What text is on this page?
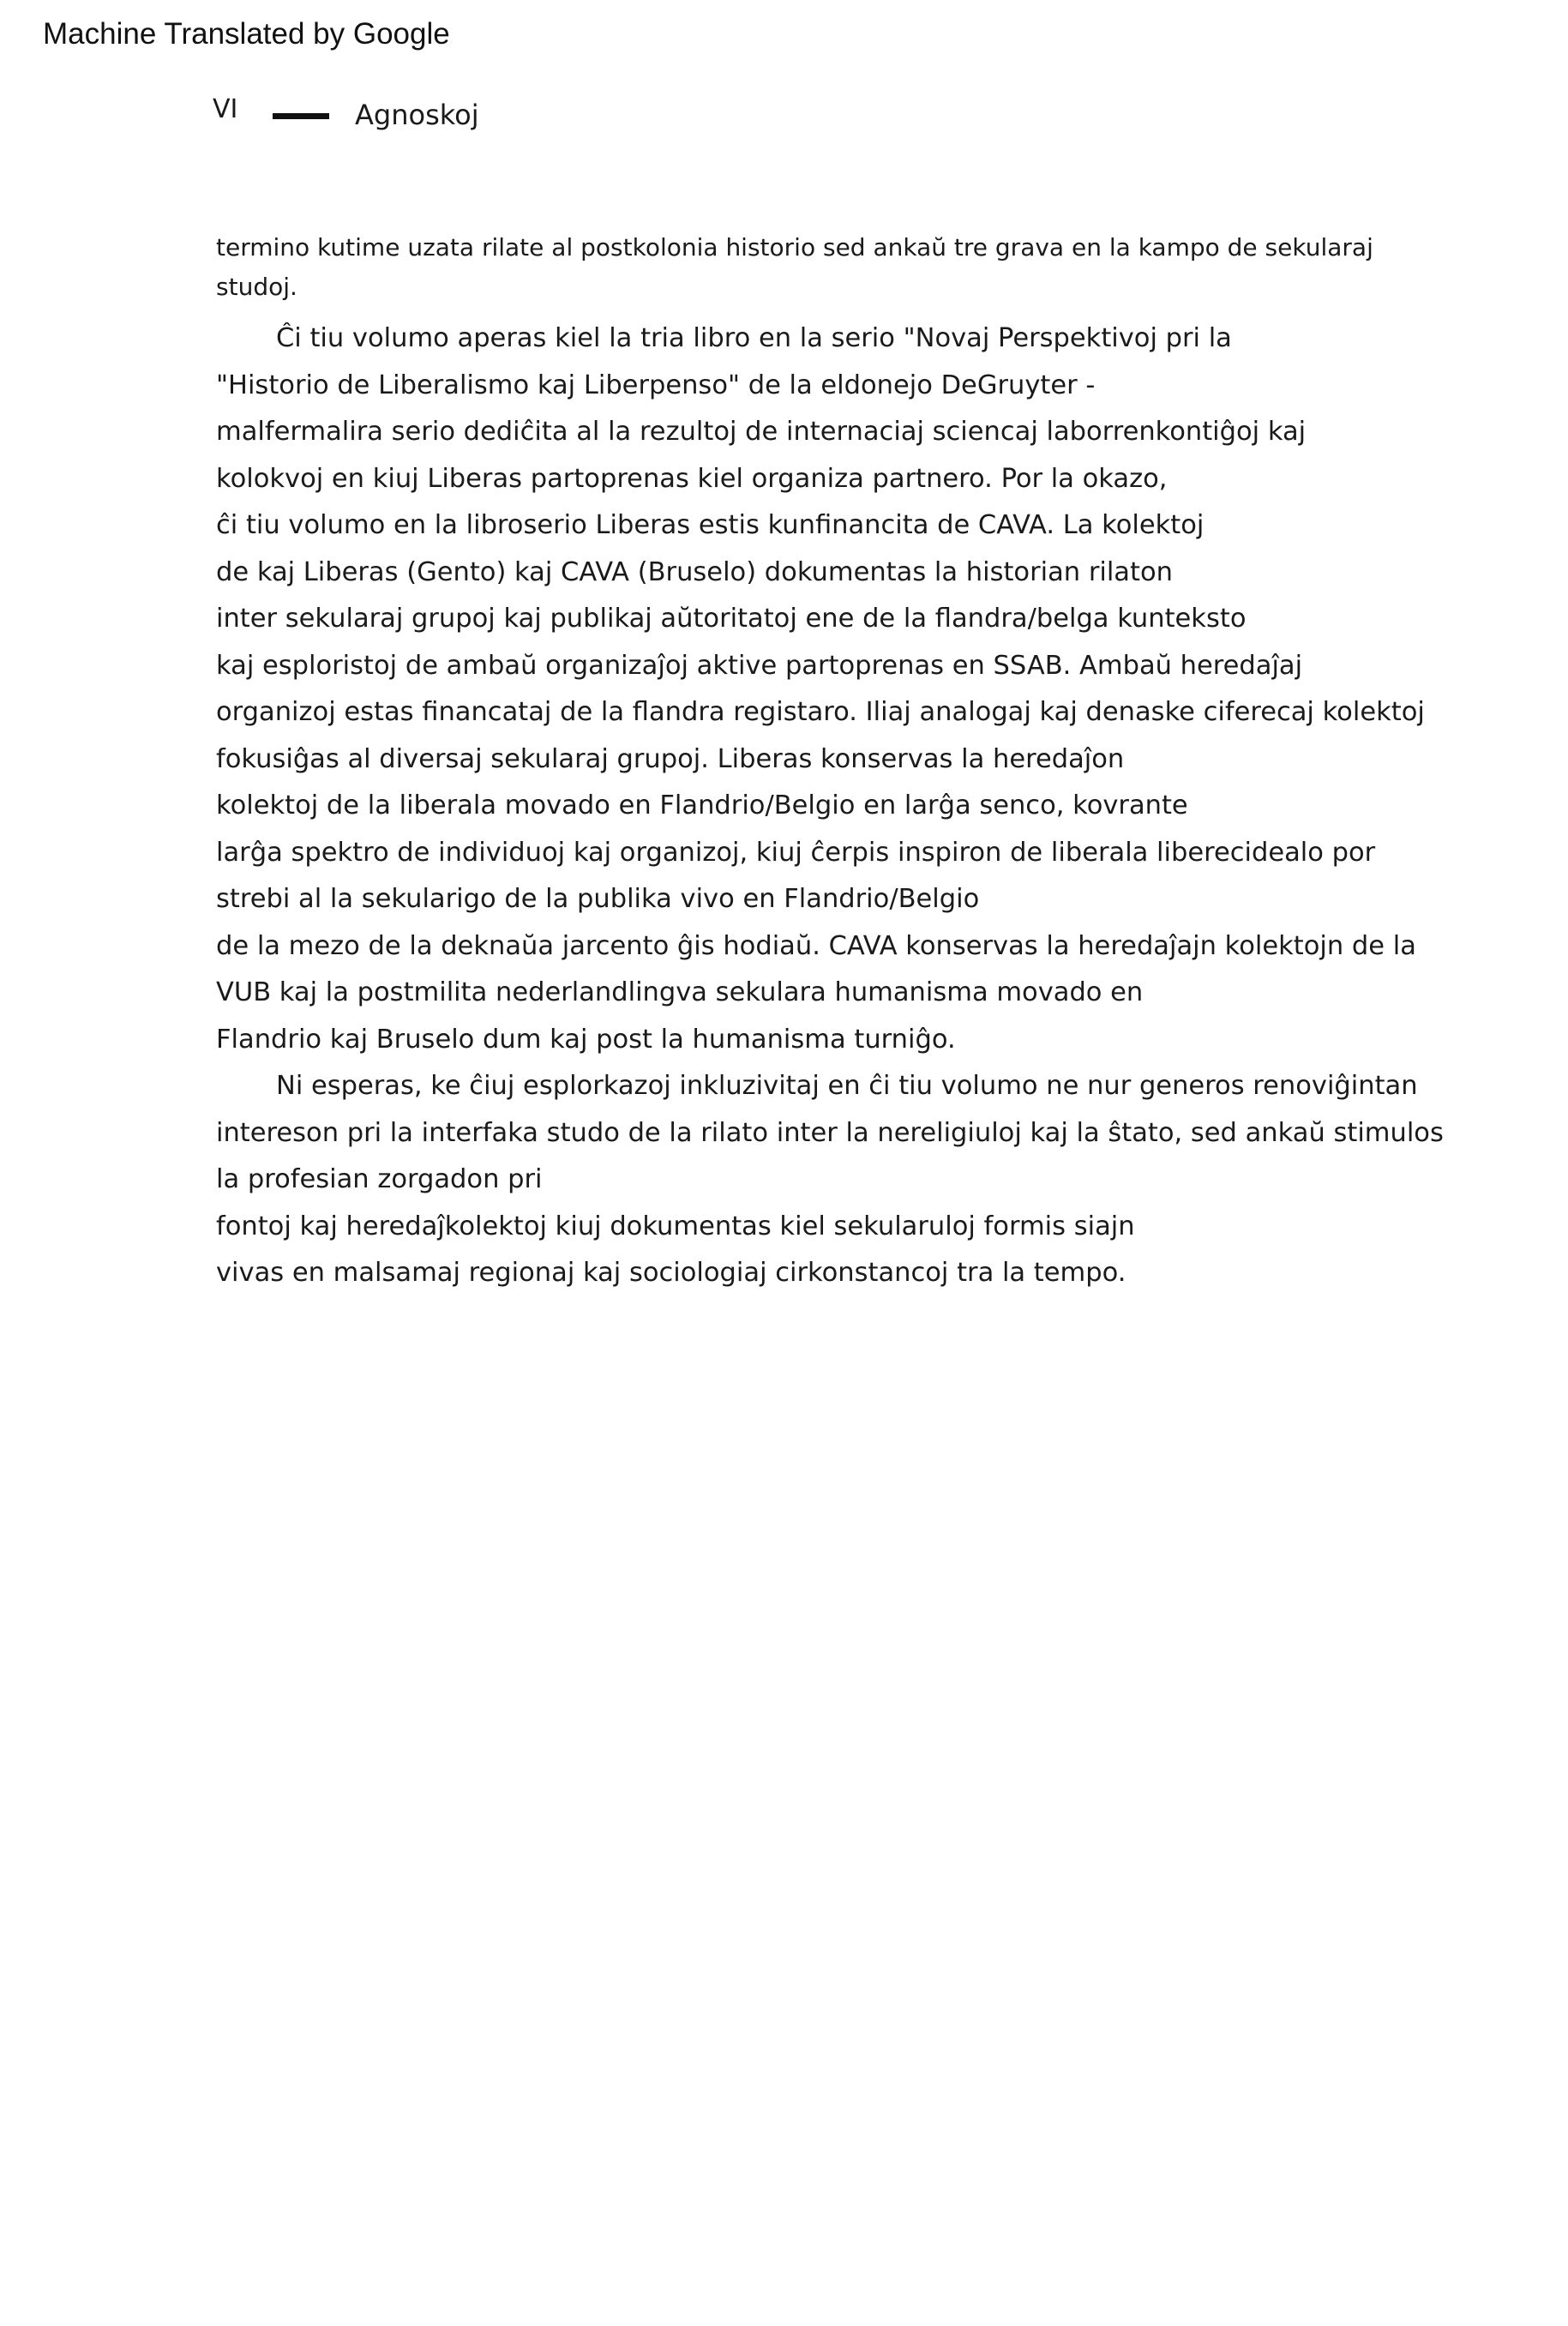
Machine Translated by Google
VI	Agnoskoj
termino kutime uzata rilate al postkolonia historio sed ankaŭ tre grava en la kampo de sekularaj
studoj.
Ĉi tiu volumo aperas kiel la tria libro en la serio "Novaj Perspektivoj pri la
"Historio de Liberalismo kaj Liberpenso" de la eldonejo DeGruyter -
malfermalira serio dediĉita al la rezultoj de internaciaj sciencaj laborrenkontiĝoj kaj
kolokvoj en kiuj Liberas partoprenas kiel organiza partnero. Por la okazo,
ĉi tiu volumo en la libroserio Liberas estis kunfinancita de CAVA. La kolektoj
de kaj Liberas (Gento) kaj CAVA (Bruselo) dokumentas la historian rilaton
inter sekularaj grupoj kaj publikaj aŭtoritatoj ene de la flandra/belga kunteksto
kaj esploristoj de ambaŭ organizaĵoj aktive partoprenas en SSAB. Ambaŭ heredaĵaj
organizoj estas financataj de la flandra registaro. Iliaj analogaj kaj denaske ciferecaj kolektoj
fokusiĝas al diversaj sekularaj grupoj. Liberas konservas la heredaĵon
kolektoj de la liberala movado en Flandrio/Belgio en larĝa senco, kovrante
larĝa spektro de individuoj kaj organizoj, kiuj ĉerpis inspiron de liberala liberecidealo por
strebi al la sekularigo de la publika vivo en Flandrio/Belgio
de la mezo de la deknaŭa jarcento ĝis hodiaŭ. CAVA konservas la heredaĵajn kolektojn de la
VUB kaj la postmilita nederlandlingva sekulara humanisma movado en
Flandrio kaj Bruselo dum kaj post la humanisma turniĝo.
Ni esperas, ke ĉiuj esplorkazoj inkluzivitaj en ĉi tiu volumo ne nur generos renoviĝintan
intereson pri la interfaka studo de la rilato inter la nereligiuloj kaj la ŝtato, sed ankaŭ stimulos
la profesian zorgadon pri
fontoj kaj heredaĵkolektoj kiuj dokumentas kiel sekularuloj formis siajn
vivas en malsamaj regionaj kaj sociologiaj cirkonstancoj tra la tempo.
